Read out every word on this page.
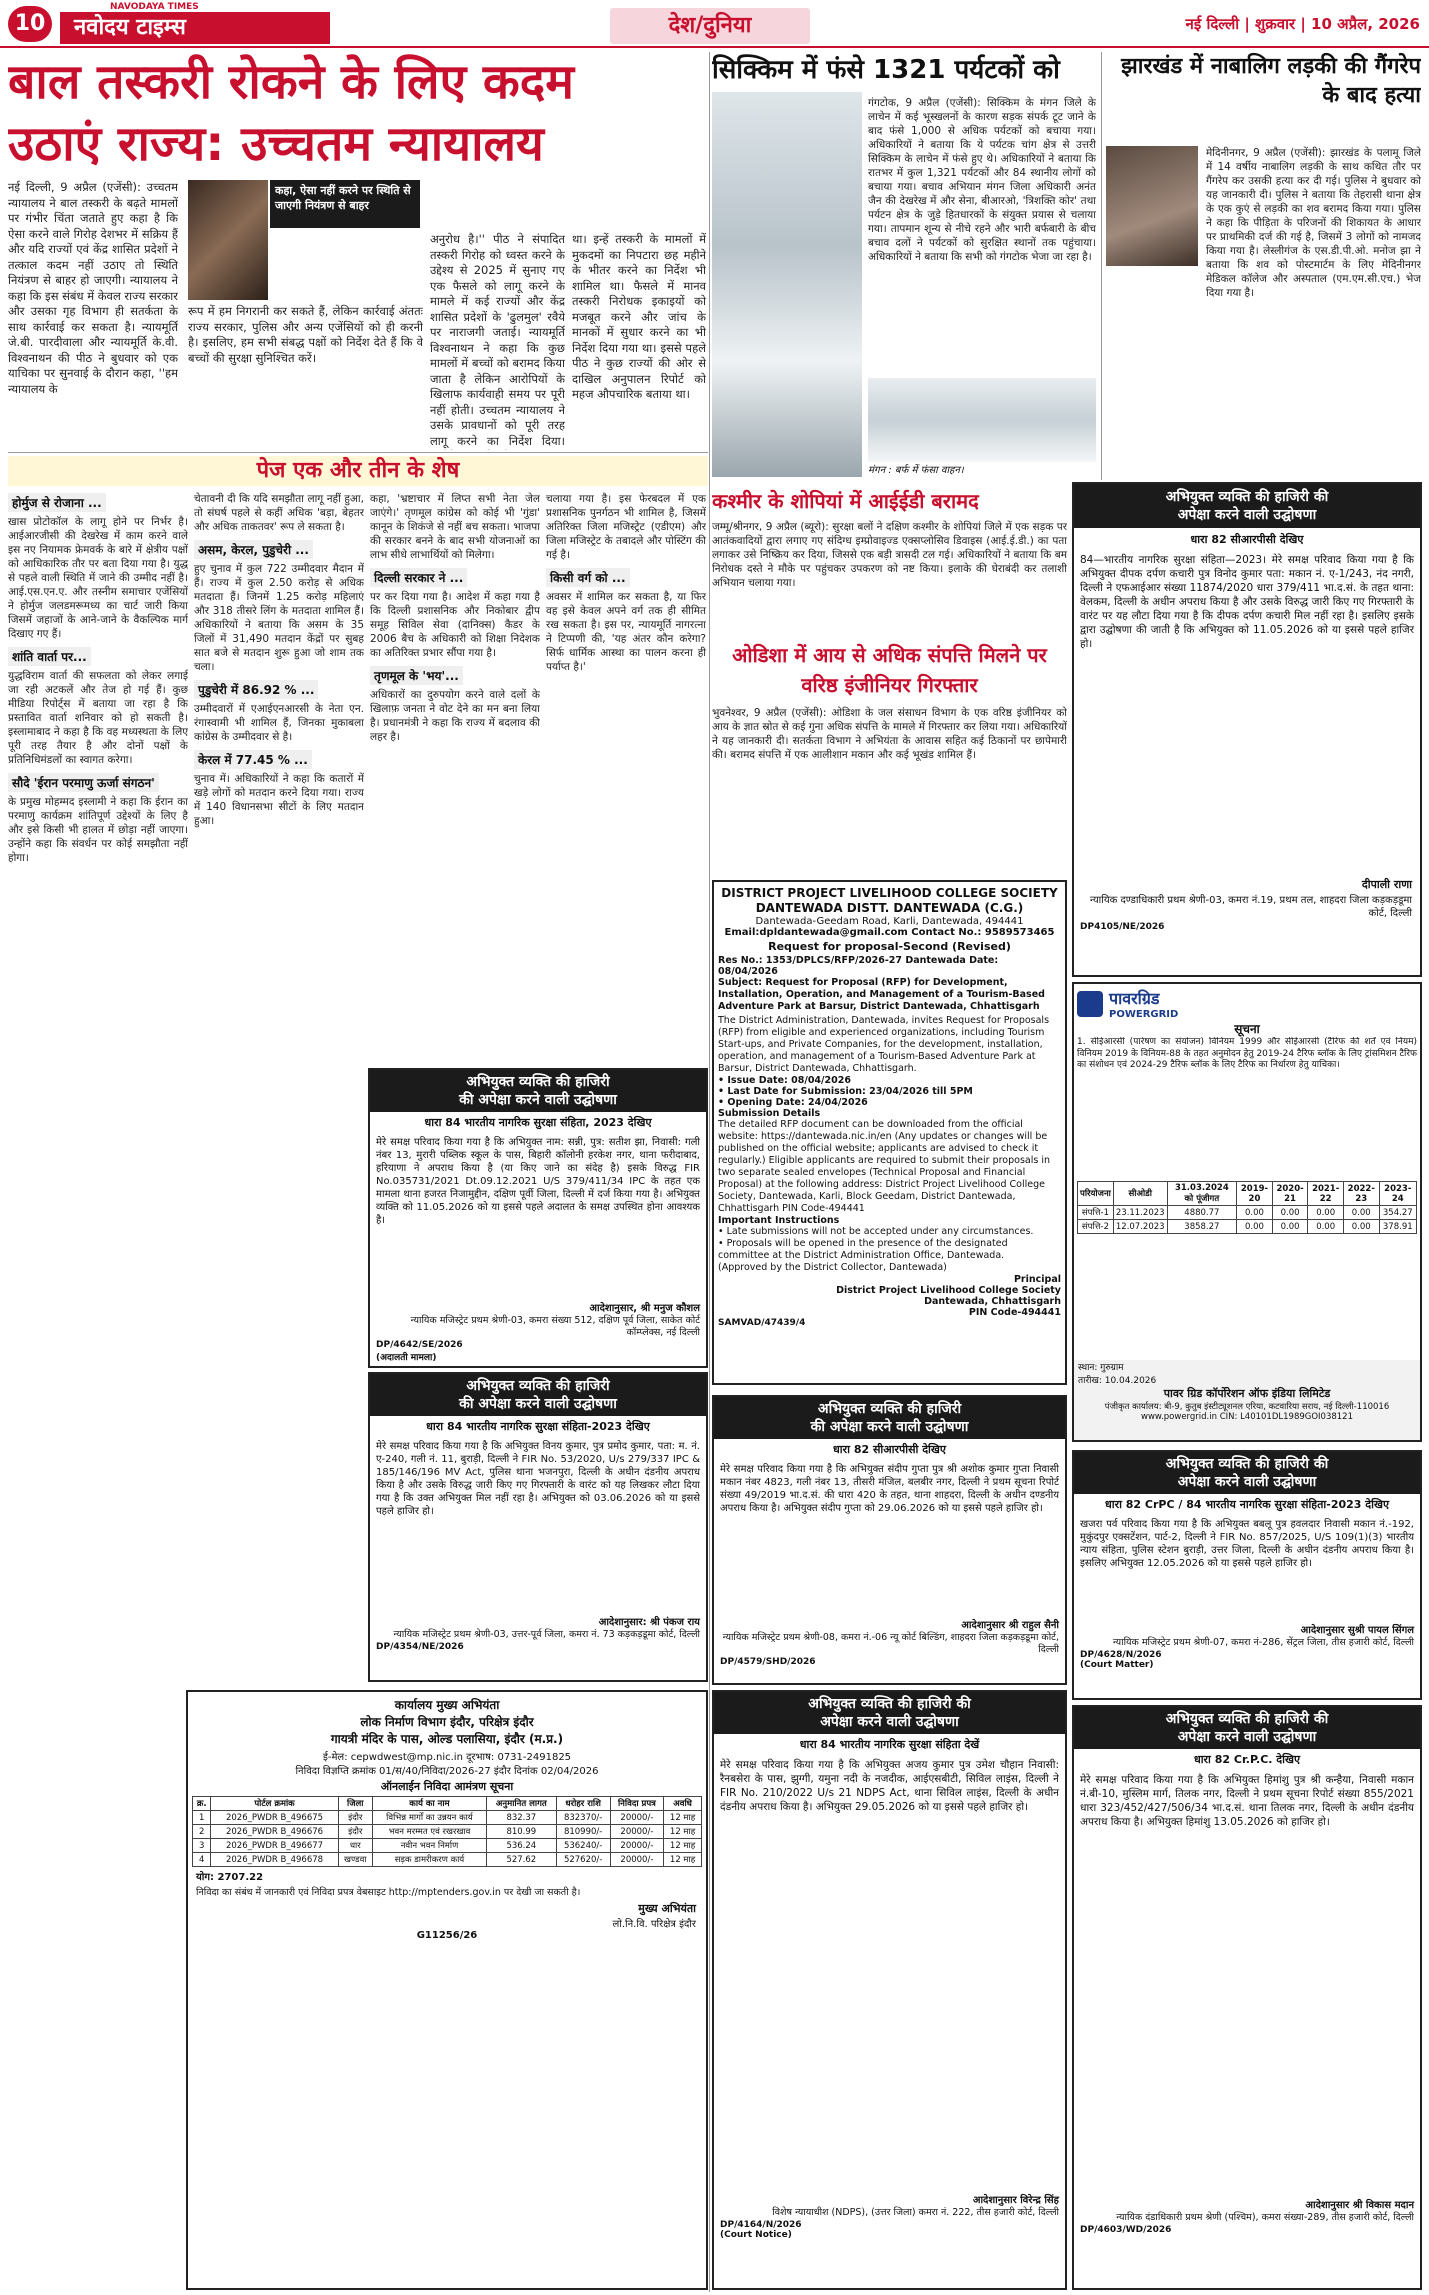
10
NAVODAYA TIMES
नवोदय टाइम्स	देश/दुनिया	नई दिल्ली | शुक्रवार | 10 अप्रैल, 2026
बाल तस्करी रोकने के लिए कदम
उठाएं राज्य: उच्चतम न्यायालय
नई दिल्ली, 9 अप्रैल (एजेंसी): उच्चतम न्यायालय ने बाल तस्करी के बढ़ते मामलों पर गंभीर चिंता जताते हुए कहा है कि ऐसा करने वाले गिरोह देशभर में सक्रिय हैं और यदि राज्यों एवं केंद्र शासित प्रदेशों ने तत्काल कदम नहीं उठाए तो स्थिति नियंत्रण से बाहर हो जाएगी। न्यायालय ने कहा कि इस संबंध में केवल राज्य सरकार और उसका गृह विभाग ही सतर्कता के साथ कार्रवाई कर सकता है। न्यायमूर्ति जे.बी. पारदीवाला और न्यायमूर्ति के.वी. विश्वनाथन की पीठ ने बुधवार को एक याचिका पर सुनवाई के दौरान कहा, ''हम न्यायालय के
कहा, ऐसा नहीं करने पर स्थिति से जाएगी नियंत्रण से बाहर
रूप में हम निगरानी कर सकते हैं, लेकिन कार्रवाई अंततः राज्य सरकार, पुलिस और अन्य एजेंसियों को ही करनी है। इसलिए, हम सभी संबद्ध पक्षों को निर्देश देते हैं कि वे बच्चों की सुरक्षा सुनिश्चित करें।
अनुरोध है।'' पीठ ने संपादित तस्करी गिरोह को ध्वस्त करने के उद्देश्य से 2025 में सुनाए गए एक फैसले को लागू करने के मामले में कई राज्यों और केंद्र शासित प्रदेशों के 'ढुलमुल' रवैये पर नाराजगी जताई। न्यायमूर्ति विश्वनाथन ने कहा कि कुछ मामलों में बच्चों को बरामद किया जाता है लेकिन आरोपियों के खिलाफ कार्यवाही समय पर पूरी नहीं होती। उच्चतम न्यायालय ने उसके प्रावधानों को पूरी तरह लागू करने का निर्देश दिया।
था। इन्हें तस्करी के मामलों में मुकदमों का निपटारा छह महीने के भीतर करने का निर्देश भी शामिल था। फैसले में मानव तस्करी निरोधक इकाइयों को मजबूत करने और जांच के मानकों में सुधार करने का भी निर्देश दिया गया था। इससे पहले पीठ ने कुछ राज्यों की ओर से दाखिल अनुपालन रिपोर्ट को महज औपचारिक बताया था।
सिक्किम में फंसे 1321 पर्यटकों को
गंगटोक, 9 अप्रैल (एजेंसी): सिक्किम के मंगन जिले के लाचेन में कई भूस्खलनों के कारण सड़क संपर्क टूट जाने के बाद फंसे 1,000 से अधिक पर्यटकों को बचाया गया। अधिकारियों ने बताया कि ये पर्यटक चांग क्षेत्र से उत्तरी सिक्किम के लाचेन में फंसे हुए थे। अधिकारियों ने बताया कि रातभर में कुल 1,321 पर्यटकों और 84 स्थानीय लोगों को बचाया गया। बचाव अभियान मंगन जिला अधिकारी अनंत जैन की देखरेख में और सेना, बीआरओ, 'त्रिशक्ति कोर' तथा पर्यटन क्षेत्र के जुड़े हितधारकों के संयुक्त प्रयास से चलाया गया। तापमान शून्य से नीचे रहने और भारी बर्फबारी के बीच बचाव दलों ने पर्यटकों को सुरक्षित स्थानों तक पहुंचाया। अधिकारियों ने बताया कि सभी को गंगटोक भेजा जा रहा है।
मंगन : बर्फ में फंसा वाहन।
झारखंड में नाबालिग लड़की की गैंगरेप के बाद हत्या
मेदिनीनगर, 9 अप्रैल (एजेंसी): झारखंड के पलामू जिले में 14 वर्षीय नाबालिग लड़की के साथ कथित तौर पर गैंगरेप कर उसकी हत्या कर दी गई। पुलिस ने बुधवार को यह जानकारी दी। पुलिस ने बताया कि तेहरासी थाना क्षेत्र के एक कुएं से लड़की का शव बरामद किया गया। पुलिस ने कहा कि पीड़िता के परिजनों की शिकायत के आधार पर प्राथमिकी दर्ज की गई है, जिसमें 3 लोगों को नामजद किया गया है। लेस्लीगंज के एस.डी.पी.ओ. मनोज झा ने बताया कि शव को पोस्टमार्टम के लिए मेदिनीनगर मेडिकल कॉलेज और अस्पताल (एम.एम.सी.एच.) भेज दिया गया है।
पेज एक और तीन के शेष
होर्मुज से रोजाना ...
खास प्रोटोकॉल के लागू होने पर निर्भर है। आईआरजीसी की देखरेख में काम करने वाले इस नए नियामक फ्रेमवर्क के बारे में क्षेत्रीय पक्षों को आधिकारिक तौर पर बता दिया गया है। युद्ध से पहले वाली स्थिति में जाने की उम्मीद नहीं है। आई.एस.एन.ए. और तस्नीम समाचार एजेंसियों ने होर्मुज जलडमरूमध्य का चार्ट जारी किया जिसमें जहाजों के आने-जाने के वैकल्पिक मार्ग दिखाए गए हैं।
शांति वार्ता पर...
युद्धविराम वार्ता की सफलता को लेकर लगाई जा रही अटकलें और तेज हो गई हैं। कुछ मीडिया रिपोर्ट्स में बताया जा रहा है कि प्रस्तावित वार्ता शनिवार को हो सकती है। इस्लामाबाद ने कहा है कि वह मध्यस्थता के लिए पूरी तरह तैयार है और दोनों पक्षों के प्रतिनिधिमंडलों का स्वागत करेगा।
सौदे 'ईरान परमाणु ऊर्जा संगठन'
के प्रमुख मोहम्मद इस्लामी ने कहा कि ईरान का परमाणु कार्यक्रम शांतिपूर्ण उद्देश्यों के लिए है और इसे किसी भी हालत में छोड़ा नहीं जाएगा। उन्होंने कहा कि संवर्धन पर कोई समझौता नहीं होगा।
चेतावनी दी कि यदि समझौता लागू नहीं हुआ, तो संघर्ष पहले से कहीं अधिक 'बड़ा, बेहतर और अधिक ताकतवर' रूप ले सकता है।
असम, केरल, पुडुचेरी ...
हुए चुनाव में कुल 722 उम्मीदवार मैदान में हैं। राज्य में कुल 2.50 करोड़ से अधिक मतदाता हैं। जिनमें 1.25 करोड़ महिलाएं और 318 तीसरे लिंग के मतदाता शामिल हैं। अधिकारियों ने बताया कि असम के 35 जिलों में 31,490 मतदान केंद्रों पर सुबह सात बजे से मतदान शुरू हुआ जो शाम तक चला।
पुडुचेरी में 86.92 % ...
उम्मीदवारों में एआईएनआरसी के नेता एन. रंगास्वामी भी शामिल हैं, जिनका मुकाबला कांग्रेस के उम्मीदवार से है।
केरल में 77.45 % ...
चुनाव में। अधिकारियों ने कहा कि कतारों में खड़े लोगों को मतदान करने दिया गया। राज्य में 140 विधानसभा सीटों के लिए मतदान हुआ।
कहा, 'भ्रष्टाचार में लिप्त सभी नेता जेल जाएंगे।' तृणमूल कांग्रेस को कोई भी 'गुंडा' कानून के शिकंजे से नहीं बच सकता। भाजपा की सरकार बनने के बाद सभी योजनाओं का लाभ सीधे लाभार्थियों को मिलेगा।
दिल्ली सरकार ने ...
पर कर दिया गया है। आदेश में कहा गया है कि दिल्ली प्रशासनिक और निकोबार द्वीप समूह सिविल सेवा (दानिक्स) कैडर के 2006 बैच के अधिकारी को शिक्षा निदेशक का अतिरिक्त प्रभार सौंपा गया है।
तृणमूल के 'भय'...
अधिकारों का दुरुपयोग करने वाले दलों के खिलाफ़ जनता ने वोट देने का मन बना लिया है। प्रधानमंत्री ने कहा कि राज्य में बदलाव की लहर है।
चलाया गया है। इस फेरबदल में एक प्रशासनिक पुनर्गठन भी शामिल है, जिसमें अतिरिक्त जिला मजिस्ट्रेट (एडीएम) और जिला मजिस्ट्रेट के तबादले और पोस्टिंग की गई है।
किसी वर्ग को ...
अवसर में शामिल कर सकता है, या फिर वह इसे केवल अपने वर्ग तक ही सीमित रख सकता है। इस पर, न्यायमूर्ति नागरत्ना ने टिप्पणी की, 'यह अंतर कौन करेगा? सिर्फ धार्मिक आस्था का पालन करना ही पर्याप्त है।'
कश्मीर के शोपियां में आईईडी बरामद
जम्मू/श्रीनगर, 9 अप्रैल (ब्यूरो): सुरक्षा बलों ने दक्षिण कश्मीर के शोपियां जिले में एक सड़क पर आतंकवादियों द्वारा लगाए गए संदिग्ध इम्प्रोवाइज्ड एक्सप्लोसिव डिवाइस (आई.ई.डी.) का पता लगाकर उसे निष्क्रिय कर दिया, जिससे एक बड़ी त्रासदी टल गई। अधिकारियों ने बताया कि बम निरोधक दस्ते ने मौके पर पहुंचकर उपकरण को नष्ट किया। इलाके की घेराबंदी कर तलाशी अभियान चलाया गया।
ओडिशा में आय से अधिक संपत्ति मिलने पर वरिष्ठ इंजीनियर गिरफ्तार
भुवनेश्वर, 9 अप्रैल (एजेंसी): ओडिशा के जल संसाधन विभाग के एक वरिष्ठ इंजीनियर को आय के ज्ञात स्रोत से कई गुना अधिक संपत्ति के मामले में गिरफ्तार कर लिया गया। अधिकारियों ने यह जानकारी दी। सतर्कता विभाग ने अभियंता के आवास सहित कई ठिकानों पर छापेमारी की। बरामद संपत्ति में एक आलीशान मकान और कई भूखंड शामिल हैं।
अभियुक्त व्यक्ति की हाजिरी की
अपेक्षा करने वाली उद्घोषणा
धारा 82 सीआरपीसी देखिए
84—भारतीय नागरिक सुरक्षा संहिता—2023। मेरे समक्ष परिवाद किया गया है कि अभियुक्त दीपक दर्पण कचारी पुत्र विनोद कुमार पता: मकान नं. ए-1/243, नंद नगरी, दिल्ली ने एफआईआर संख्या 11874/2020 धारा 379/411 भा.द.सं. के तहत थाना: वेलकम, दिल्ली के अधीन अपराध किया है और उसके विरुद्ध जारी किए गए गिरफ्तारी के वारंट पर यह लौटा दिया गया है कि दीपक दर्पण कचारी मिल नहीं रहा है। इसलिए इसके द्वारा उद्घोषणा की जाती है कि अभियुक्त को 11.05.2026 को या इससे पहले हाजिर हो।
दीपाली राणा
न्यायिक दण्डाधिकारी प्रथम श्रेणी-03, कमरा नं.19, प्रथम तल, शाहदरा जिला कड़कड़डूमा कोर्ट, दिल्ली
DP4105/NE/2026
अभियुक्त व्यक्ति की हाजिरी
की अपेक्षा करने वाली उद्घोषणा
धारा 84 भारतीय नागरिक सुरक्षा संहिता, 2023 देखिए
मेरे समक्ष परिवाद किया गया है कि अभियुक्त नाम: सन्नी, पुत्र: सतीश झा, निवासी: गली नंबर 13, मुरारी पब्लिक स्कूल के पास, बिहारी कॉलोनी हरकेश नगर, थाना फरीदाबाद, हरियाणा ने अपराध किया है (या किए जाने का संदेह है) इसके विरुद्ध FIR No.035731/2021 Dt.09.12.2021 U/S 379/411/34 IPC के तहत एक मामला थाना हजरत निजामुद्दीन, दक्षिण पूर्वी जिला, दिल्ली में दर्ज किया गया है। अभियुक्त व्यक्ति को 11.05.2026 को या इससे पहले अदालत के समक्ष उपस्थित होना आवश्यक है।
आदेशानुसार, श्री मनुज कौशल
न्यायिक मजिस्ट्रेट प्रथम श्रेणी-03, कमरा संख्या 512, दक्षिण पूर्व जिला, साकेत कोर्ट कॉम्प्लेक्स, नई दिल्ली
DP/4642/SE/2026
(अदालती मामला)
अभियुक्त व्यक्ति की हाजिरी
की अपेक्षा करने वाली उद्घोषणा
धारा 84 भारतीय नागरिक सुरक्षा संहिता-2023 देखिए
मेरे समक्ष परिवाद किया गया है कि अभियुक्त विनय कुमार, पुत्र प्रमोद कुमार, पता: म. नं. ए-240, गली नं. 11, बुराड़ी, दिल्ली ने FIR No. 53/2020, U/s 279/337 IPC & 185/146/196 MV Act, पुलिस थाना भजनपुरा, दिल्ली के अधीन दंडनीय अपराध किया है और उसके विरुद्ध जारी किए गए गिरफ्तारी के वारंट को यह लिखकर लौटा दिया गया है कि उक्त अभियुक्त मिल नहीं रहा है। अभियुक्त को 03.06.2026 को या इससे पहले हाजिर हो।
आदेशानुसार: श्री पंकज राय
न्यायिक मजिस्ट्रेट प्रथम श्रेणी-03, उत्तर-पूर्व जिला, कमरा नं. 73 कड़कड़डूमा कोर्ट, दिल्ली
DP/4354/NE/2026
कार्यालय मुख्य अभियंता
लोक निर्माण विभाग इंदौर, परिक्षेत्र इंदौर
गायत्री मंदिर के पास, ओल्ड पलासिया, इंदौर (म.प्र.)
ई-मेल: cepwdwest@mp.nic.in दूरभाष: 0731-2491825
निविदा विज्ञप्ति क्रमांक 01/स/40/निविदा/2026-27 इंदौर दिनांक 02/04/2026
ऑनलाईन निविदा आमंत्रण सूचना
क्र.	पोर्टल क्रमांक	जिला	कार्य का नाम	अनुमानित लागत	धरोहर राशि	निविदा प्रपत्र	अवधि
1	2026_PWDR B_496675	इंदौर	विभिन्न मार्गों का उन्नयन कार्य	832.37	832370/-	20000/-	12 माह
2	2026_PWDR B_496676	इंदौर	भवन मरम्मत एवं रखरखाव	810.99	810990/-	20000/-	12 माह
3	2026_PWDR B_496677	धार	नवीन भवन निर्माण	536.24	536240/-	20000/-	12 माह
4	2026_PWDR B_496678	खण्डवा	सड़क डामरीकरण कार्य	527.62	527620/-	20000/-	12 माह
योग: 2707.22
निविदा का संबंध में जानकारी एवं निविदा प्रपत्र वेबसाइट http://mptenders.gov.in पर देखी जा सकती है।
मुख्य अभियंता
लो.नि.वि. परिक्षेत्र इंदौर
G11256/26
DISTRICT PROJECT LIVELIHOOD COLLEGE SOCIETY DANTEWADA DISTT. DANTEWADA (C.G.)
Dantewada-Geedam Road, Karli, Dantewada, 494441
Email:dpldantewada@gmail.com Contact No.: 9589573465
Request for proposal-Second (Revised)
Res No.: 1353/DPLCS/RFP/2026-27 Dantewada Date: 08/04/2026
Subject: Request for Proposal (RFP) for Development, Installation, Operation, and Management of a Tourism-Based Adventure Park at Barsur, District Dantewada, Chhattisgarh
The District Administration, Dantewada, invites Request for Proposals (RFP) from eligible and experienced organizations, including Tourism Start-ups, and Private Companies, for the development, installation, operation, and management of a Tourism-Based Adventure Park at Barsur, District Dantewada, Chhattisgarh.
• Issue Date: 08/04/2026
• Last Date for Submission: 23/04/2026 till 5PM
• Opening Date: 24/04/2026
Submission Details
The detailed RFP document can be downloaded from the official website: https://dantewada.nic.in/en (Any updates or changes will be published on the official website; applicants are advised to check it regularly.) Eligible applicants are required to submit their proposals in two separate sealed envelopes (Technical Proposal and Financial Proposal) at the following address: District Project Livelihood College Society, Dantewada, Karli, Block Geedam, District Dantewada, Chhattisgarh PIN Code-494441
Important Instructions
• Late submissions will not be accepted under any circumstances.
• Proposals will be opened in the presence of the designated committee at the District Administration Office, Dantewada.
(Approved by the District Collector, Dantewada)
Principal
District Project Livelihood College Society
Dantewada, Chhattisgarh
PIN Code-494441
SAMVAD/47439/4
पावरग्रिड
POWERGRID
सूचना
1. सीईआरसी (पारेषण का संयोजन) विनियम 1999 और सीईआरसी (टैरिफ की शर्तें एवं नियम) विनियम 2019 के विनियम-88 के तहत अनुमोदन हेतु 2019-24 टैरिफ ब्लॉक के लिए ट्रांसमिशन टैरिफ का संशोधन एवं 2024-29 टैरिफ ब्लॉक के लिए टैरिफ का निर्धारण हेतु याचिका।
परियोजना	सीओडी	31.03.2024 को पूंजीगत	2019-20	2020-21	2021-22	2022-23	2023-24
संपत्ति-1	23.11.2023	4880.77	0.00	0.00	0.00	0.00	354.27
संपत्ति-2	12.07.2023	3858.27	0.00	0.00	0.00	0.00	378.91
स्थान: गुरुग्राम
तारीख: 10.04.2026
पावर ग्रिड कॉर्पोरेशन ऑफ इंडिया लिमिटेड
पंजीकृत कार्यालय: बी-9, कुतुब इंस्टीट्यूशनल एरिया, कटवारिया सराय, नई दिल्ली-110016
www.powergrid.in CIN: L40101DL1989GOI038121
अभियुक्त व्यक्ति की हाजिरी
की अपेक्षा करने वाली उद्घोषणा
धारा 82 सीआरपीसी देखिए
मेरे समक्ष परिवाद किया गया है कि अभियुक्त संदीप गुप्ता पुत्र श्री अशोक कुमार गुप्ता निवासी मकान नंबर 4823, गली नंबर 13, तीसरी मंजिल, बलबीर नगर, दिल्ली ने प्रथम सूचना रिपोर्ट संख्या 49/2019 भा.द.सं. की धारा 420 के तहत, थाना शाहदरा, दिल्ली के अधीन दण्डनीय अपराध किया है। अभियुक्त संदीप गुप्ता को 29.06.2026 को या इससे पहले हाजिर हो।
आदेशानुसार श्री राहुल सैनी
न्यायिक मजिस्ट्रेट प्रथम श्रेणी-08, कमरा नं.-06 न्यू कोर्ट बिल्डिंग, शाहदरा जिला कड़कड़डूमा कोर्ट, दिल्ली
DP/4579/SHD/2026
अभियुक्त व्यक्ति की हाजिरी की
अपेक्षा करने वाली उद्घोषणा
धारा 82 CrPC / 84 भारतीय नागरिक सुरक्षा संहिता-2023 देखिए
खजरा पर्व परिवाद किया गया है कि अभियुक्त बबलू पुत्र हवलदार निवासी मकान नं.-192, मुकुंदपुर एक्सटेंशन, पार्ट-2, दिल्ली ने FIR No. 857/2025, U/S 109(1)(3) भारतीय न्याय संहिता, पुलिस स्टेशन बुराड़ी, उत्तर जिला, दिल्ली के अधीन दंडनीय अपराध किया है। इसलिए अभियुक्त 12.05.2026 को या इससे पहले हाजिर हो।
आदेशानुसार सुश्री पायल सिंगल
न्यायिक मजिस्ट्रेट प्रथम श्रेणी-07, कमरा नं-286, सेंट्रल जिला, तीस हजारी कोर्ट, दिल्ली
DP/4628/N/2026
(Court Matter)
अभियुक्त व्यक्ति की हाजिरी की
अपेक्षा करने वाली उद्घोषणा
धारा 84 भारतीय नागरिक सुरक्षा संहिता देखें
मेरे समक्ष परिवाद किया गया है कि अभियुक्त अजय कुमार पुत्र उमेश चौहान निवासी: रैनबसेरा के पास, झुग्गी, यमुना नदी के नजदीक, आईएसबीटी, सिविल लाइंस, दिल्ली ने FIR No. 210/2022 U/s 21 NDPS Act, थाना सिविल लाइंस, दिल्ली के अधीन दंडनीय अपराध किया है। अभियुक्त 29.05.2026 को या इससे पहले हाजिर हो।
आदेशानुसार विरेन्द्र सिंह
विशेष न्यायाधीश (NDPS), (उत्तर जिला) कमरा नं. 222, तीस हजारी कोर्ट, दिल्ली
DP/4164/N/2026
(Court Notice)
अभियुक्त व्यक्ति की हाजिरी की
अपेक्षा करने वाली उद्घोषणा
धारा 82 Cr.P.C. देखिए
मेरे समक्ष परिवाद किया गया है कि अभियुक्त हिमांशु पुत्र श्री कन्हैया, निवासी मकान नं.बी-10, मुस्लिम मार्ग, तिलक नगर, दिल्ली ने प्रथम सूचना रिपोर्ट संख्या 855/2021 धारा 323/452/427/506/34 भा.द.सं. थाना तिलक नगर, दिल्ली के अधीन दंडनीय अपराध किया है। अभियुक्त हिमांशु 13.05.2026 को हाजिर हो।
आदेशानुसार श्री विकास मदान
न्यायिक दंडाधिकारी प्रथम श्रेणी (पश्चिम), कमरा संख्या-289, तीस हजारी कोर्ट, दिल्ली
DP/4603/WD/2026
